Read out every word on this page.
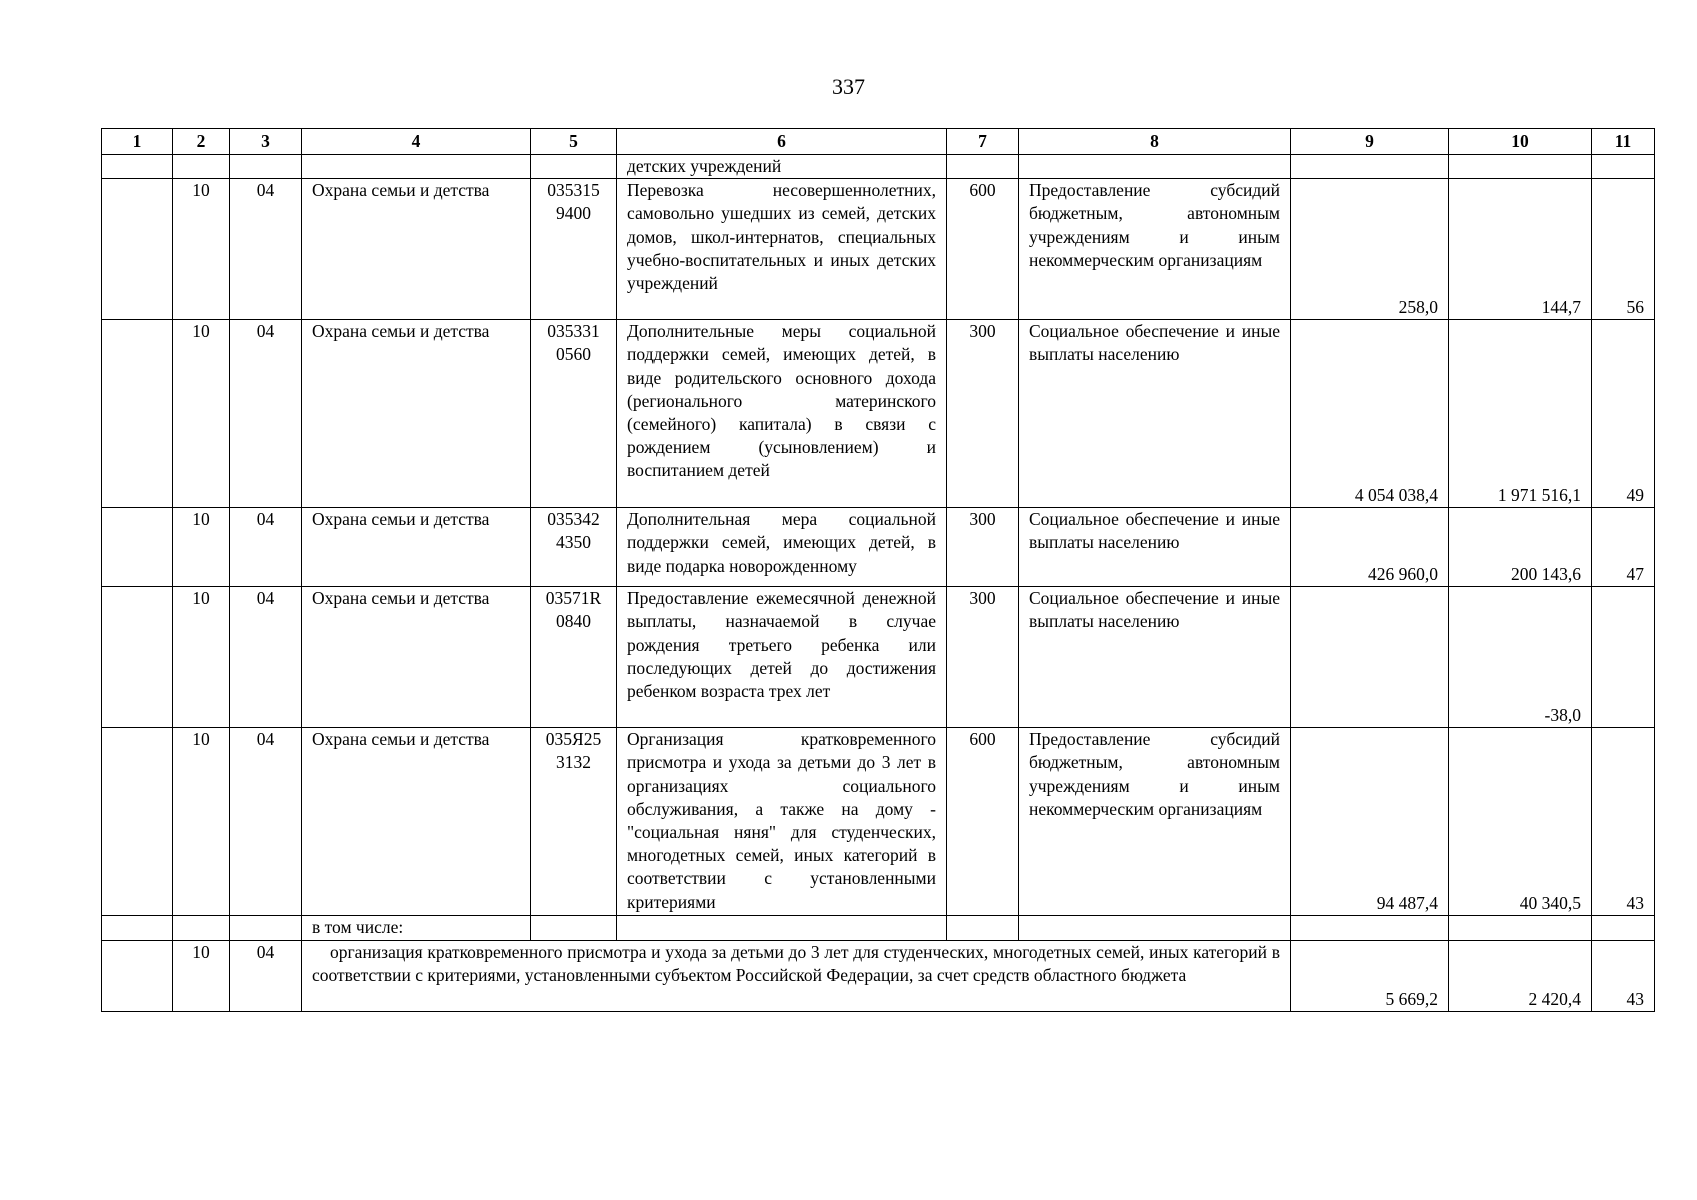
337
1	2	3	4	5	6	7	8	9	10	11
					детских учреждений					
	10	04	Охрана семьи и детства	035315 9400	Перевозка несовершеннолетних, самовольно ушедших из семей, детских домов, школ-интернатов, специальных учебно-воспитательных и иных детских учреждений	600	Предоставление субсидий бюджетным, автономным учреждениям и иным некоммерческим организациям	258,0	144,7	56
	10	04	Охрана семьи и детства	035331 0560	Дополнительные меры социальной поддержки семей, имеющих детей, в виде родительского основного дохода (регионального материнского (семейного) капитала) в связи с рождением (усыновлением) и воспитанием детей	300	Социальное обеспечение и иные выплаты населению	4 054 038,4	1 971 516,1	49
	10	04	Охрана семьи и детства	035342 4350	Дополнительная мера социальной поддержки семей, имеющих детей, в виде подарка новорожденному	300	Социальное обеспечение и иные выплаты населению	426 960,0	200 143,6	47
	10	04	Охрана семьи и детства	03571R 0840	Предоставление ежемесячной денежной выплаты, назначаемой в случае рождения третьего ребенка или последующих детей до достижения ребенком возраста трех лет	300	Социальное обеспечение и иные выплаты населению		-38,0	
	10	04	Охрана семьи и детства	035Я25 3132	Организация кратковременного присмотра и ухода за детьми до 3 лет в организациях социального обслуживания, а также на дому - "социальная няня" для студенческих, многодетных семей, иных категорий в соответствии с установленными критериями	600	Предоставление субсидий бюджетным, автономным учреждениям и иным некоммерческим организациям	94 487,4	40 340,5	43
			в том числе:							
	10	04	организация кратковременного присмотра и ухода за детьми до 3 лет для студенческих, многодетных семей, иных категорий в соответствии с критериями, установленными субъектом Российской Федерации, за счет средств областного бюджета					5 669,2	2 420,4	43
